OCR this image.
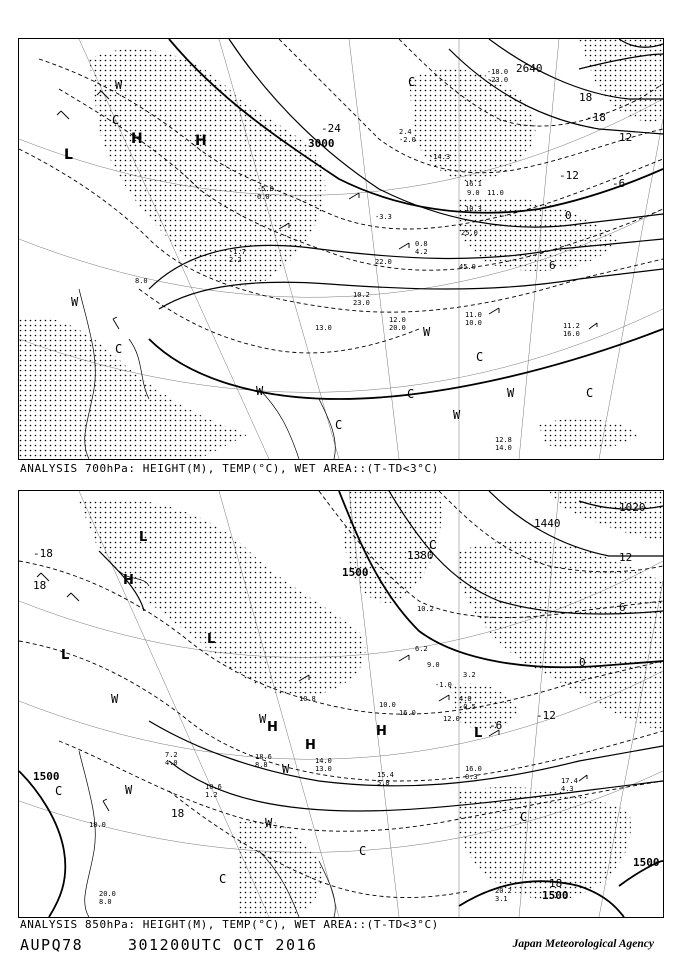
3000
2640
-24
-18
-12
-6
0
6
12
18
L
H	H
C
C
C
C
C	C
C
W
W
W	W
W
W
-18.0
-23.0
2.4
-2.0
12.8
14.0
11.0
10.0
12.0
20.0
10.2
23.0
11.2
16.0
13.0
-5.0
6.0
0.8
4.2
25.0
-3.3
22.0
45.0
10.3
8.0
-14.3
16.1
9.0 11.0
-1.7
2.2
ANALYSIS 700hPa: HEIGHT(M), TEMP(°C), WET AREA::(T-TD<3°C)
1500
1500
1500
1500
1020
1440
1380
-18
-12
-6
0
6
12
18
18
18
L
L
L
L
H
H
H
H
C
C
C
C
C
W
W
W
W
W
16.0
0.3	17.4
4.3
15.4
5.8
18.0
10.0
16.0
12.0
9.0
3.2
-1.0
20.2
3.1
6.2
4.0
-0.5
10.2
18.6
8.8
7.2
4.0	14.0
13.0
10.6
1.2
20.0
8.0
10.8
ANALYSIS 850hPa: HEIGHT(M), TEMP(°C), WET AREA::(T-TD<3°C)
AUPQ78	301200UTC OCT 2016	Japan Meteorological Agency
